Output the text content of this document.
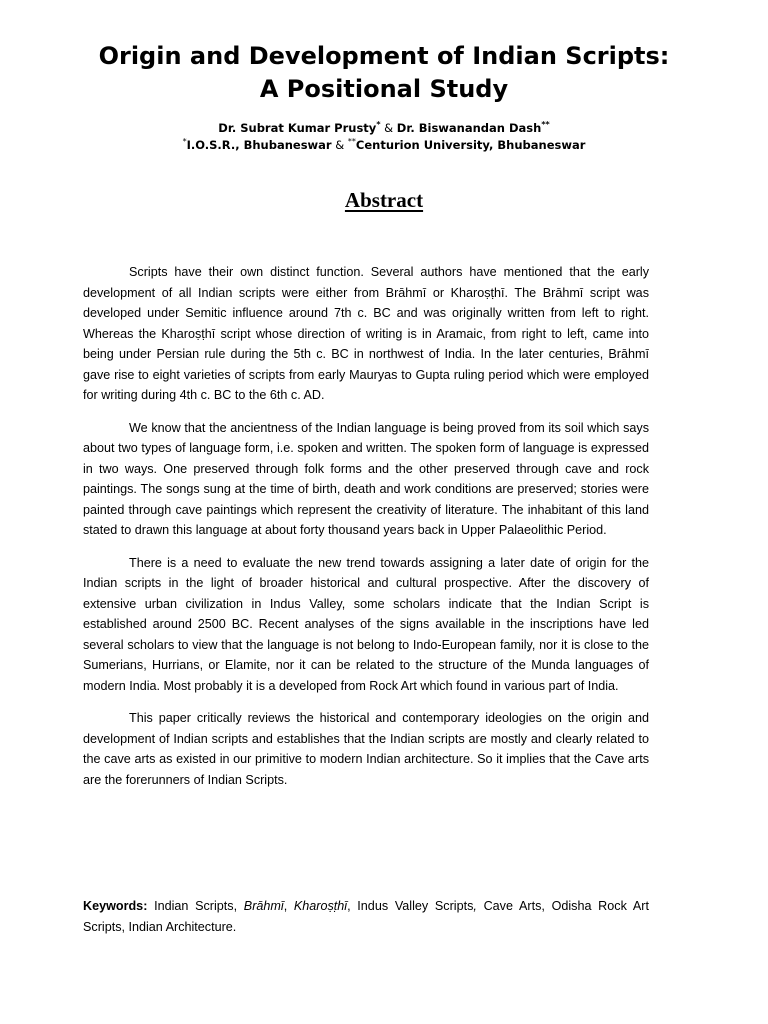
Origin and Development of Indian Scripts:
A Positional Study
Dr. Subrat Kumar Prusty* & Dr. Biswanandan Dash**
*I.O.S.R., Bhubaneswar & **Centurion University, Bhubaneswar
Abstract

Scripts have their own distinct function. Several authors have mentioned that the early development of all Indian scripts were either from Brāhmī or Kharoṣṭhī. The Brāhmī script was developed under Semitic influence around 7th c. BC and was originally written from left to right. Whereas the Kharoṣṭhī script whose direction of writing is in Aramaic, from right to left, came into being under Persian rule during the 5th c. BC in northwest of India. In the later centuries, Brāhmī gave rise to eight varieties of scripts from early Mauryas to Gupta ruling period which were employed for writing during 4th c. BC to the 6th c. AD.

We know that the ancientness of the Indian language is being proved from its soil which says about two types of language form, i.e. spoken and written. The spoken form of language is expressed in two ways. One preserved through folk forms and the other preserved through cave and rock paintings. The songs sung at the time of birth, death and work conditions are preserved; stories were painted through cave paintings which represent the creativity of literature. The inhabitant of this land stated to drawn this language at about forty thousand years back in Upper Palaeolithic Period.

There is a need to evaluate the new trend towards assigning a later date of origin for the Indian scripts in the light of broader historical and cultural prospective. After the discovery of extensive urban civilization in Indus Valley, some scholars indicate that the Indian Script is established around 2500 BC. Recent analyses of the signs available in the inscriptions have led several scholars to view that the language is not belong to Indo-European family, nor it is close to the Sumerians, Hurrians, or Elamite, nor it can be related to the structure of the Munda languages of modern India. Most probably it is a developed from Rock Art which found in various part of India.

This paper critically reviews the historical and contemporary ideologies on the origin and development of Indian scripts and establishes that the Indian scripts are mostly and clearly related to the cave arts as existed in our primitive to modern Indian architecture. So it implies that the Cave arts are the forerunners of Indian Scripts.

Keywords: Indian Scripts, Brāhmī, Kharoṣṭhī, Indus Valley Scripts, Cave Arts, Odisha Rock Art Scripts, Indian Architecture.
